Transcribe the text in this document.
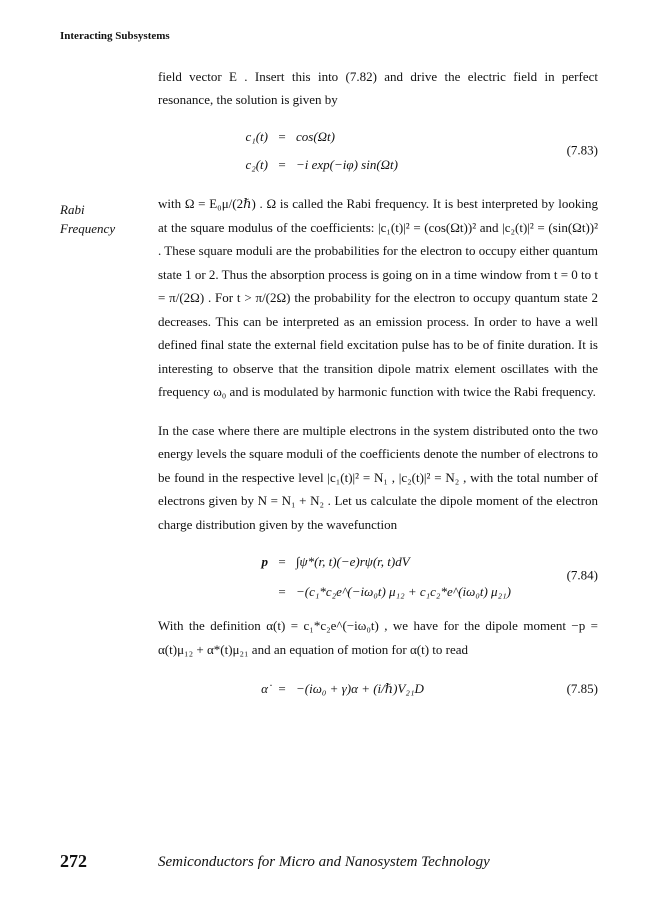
Interacting Subsystems
Rabi
Frequency

field vector E . Insert this into (7.82) and drive the electric field in perfect resonance, the solution is given by

c₁(t) = cos(Ωt)
c₂(t) = −i exp(−iφ) sin(Ωt)
(7.83)

with Ω = E₀μ/(2ℏ) . Ω is called the Rabi frequency. It is best interpreted by looking at the square modulus of the coefficients: |c₁(t)|² = (cos(Ωt))² and |c₂(t)|² = (sin(Ωt))² . These square moduli are the probabilities for the electron to occupy either quantum state 1 or 2. Thus the absorption process is going on in a time window from t = 0 to t = π/(2Ω) . For t > π/(2Ω) the probability for the electron to occupy quantum state 2 decreases. This can be interpreted as an emission process. In order to have a well defined final state the external field excitation pulse has to be of finite duration. It is interesting to observe that the transition dipole matrix element oscillates with the frequency ω₀ and is modulated by harmonic function with twice the Rabi frequency.

In the case where there are multiple electrons in the system distributed onto the two energy levels the square moduli of the coefficients denote the number of electrons to be found in the respective level |c₁(t)|² = N₁ , |c₂(t)|² = N₂ , with the total number of electrons given by N = N₁ + N₂ . Let us calculate the dipole moment of the electron charge distribution given by the wavefunction

p = ∫ψ*(r, t)(−e)rψ(r, t)dV
= −(c₁*c₂e^(−iω₀t) μ₁₂ + c₁c₂*e^(iω₀t) μ₂₁)
(7.84)

With the definition α(t) = c₁*c₂e^(−iω₀t) , we have for the dipole moment −p = α(t)μ₁₂ + α*(t)μ₂₁ and an equation of motion for α(t) to read

α̇ = −(iω₀ + γ)α + (i/ℏ)V₂₁D	(7.85)
272	Semiconductors for Micro and Nanosystem Technology
